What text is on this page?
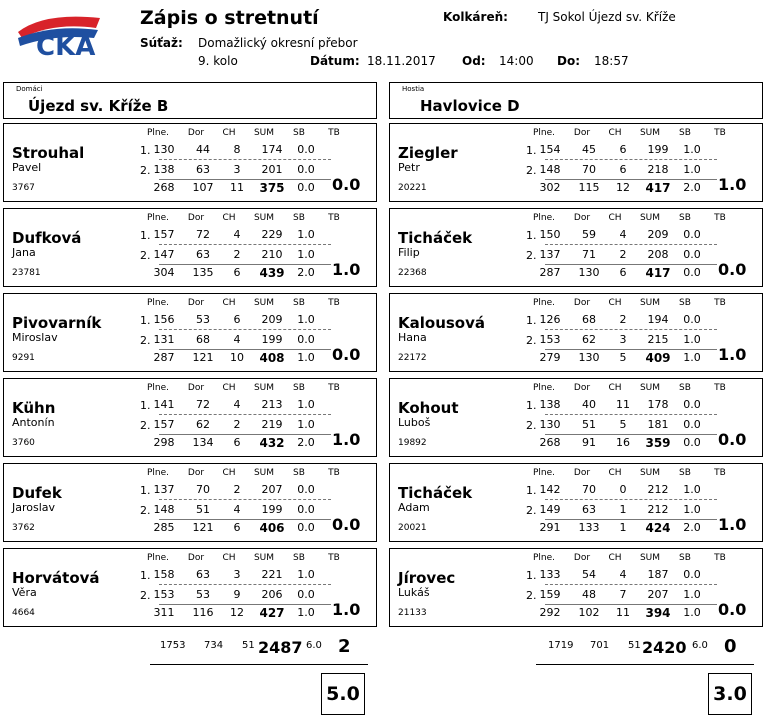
ČKA
Zápis o stretnutí	Kolkáreň:	TJ Sokol Újezd sv. Kříže
Súťaž: Domažlický okresní přebor
9. kolo	Dátum: 18.11.2017 Od: 14:00 Do: 18:57
Domáci
Újezd sv. Kříže B
Hostia
Havlovice D
Plne.	Dor	CH	SUM	SB	TB
Strouhal
Pavel
3767
1.
2.
130	44	8	174	0.0
138	63	3	201	0.0
268	107	11	375	0.0	0.0
Plne.	Dor	CH	SUM	SB	TB
Dufková
Jana
23781
1.
2.
157	72	4	229	1.0
147	63	2	210	1.0
304	135	6	439	2.0	1.0
Plne.	Dor	CH	SUM	SB	TB
Pivovarník
Miroslav
9291
1.
2.
156	53	6	209	1.0
131	68	4	199	0.0
287	121	10	408	1.0	0.0
Plne.	Dor	CH	SUM	SB	TB
Kühn
Antonín
3760
1.
2.
141	72	4	213	1.0
157	62	2	219	1.0
298	134	6	432	2.0	1.0
Plne.	Dor	CH	SUM	SB	TB
Dufek
Jaroslav
3762
1.
2.
137	70	2	207	0.0
148	51	4	199	0.0
285	121	6	406	0.0	0.0
Plne.	Dor	CH	SUM	SB	TB
Horvátová
Věra
4664
1.
2.
158	63	3	221	1.0
153	53	9	206	0.0
311	116	12	427	1.0	1.0
Plne.	Dor	CH	SUM	SB	TB
Ziegler
Petr
20221
1.
2.
154	45	6	199	1.0
148	70	6	218	1.0
302	115	12	417	2.0	1.0
Plne.	Dor	CH	SUM	SB	TB
Ticháček
Filip
22368
1.
2.
150	59	4	209	0.0
137	71	2	208	0.0
287	130	6	417	0.0	0.0
Plne.	Dor	CH	SUM	SB	TB
Kalousová
Hana
22172
1.
2.
126	68	2	194	0.0
153	62	3	215	1.0
279	130	5	409	1.0	1.0
Plne.	Dor	CH	SUM	SB	TB
Kohout
Luboš
19892
1.
2.
138	40	11	178	0.0
130	51	5	181	0.0
268	91	16	359	0.0	0.0
Plne.	Dor	CH	SUM	SB	TB
Ticháček
Adam
20021
1.
2.
142	70	0	212	1.0
149	63	1	212	1.0
291	133	1	424	2.0	1.0
Plne.	Dor	CH	SUM	SB	TB
Jírovec
Lukáš
21133
1.
2.
133	54	4	187	0.0
159	48	7	207	1.0
292	102	11	394	1.0	0.0
1753 734 51 2487 6.0 2
5.0
1719 701 51 2420 6.0 0
3.0
